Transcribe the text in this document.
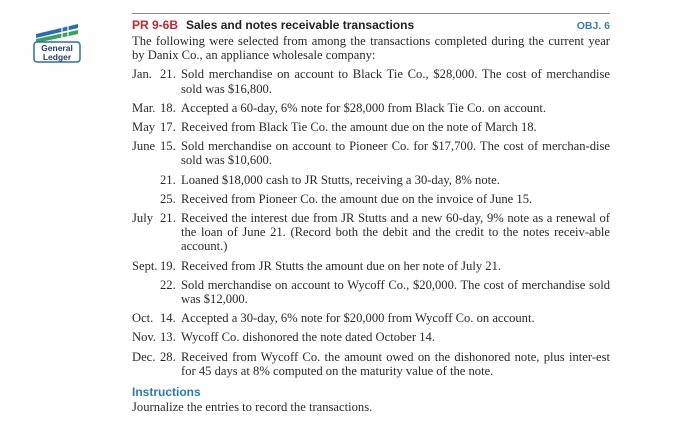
General
Ledger
PR 9-6B Sales and notes receivable transactions	OBJ. 6

The following were selected from among the transactions completed during the current year by Danix Co., an appliance wholesale company:

Jan. 21. Sold merchandise on account to Black Tie Co., $28,000. The cost of merchandise sold was $16,800.
Mar. 18. Accepted a 60-day, 6% note for $28,000 from Black Tie Co. on account.
May 17. Received from Black Tie Co. the amount due on the note of March 18.
June 15. Sold merchandise on account to Pioneer Co. for $17,700. The cost of merchan-dise sold was $10,600.
21. Loaned $18,000 cash to JR Stutts, receiving a 30-day, 8% note.
25. Received from Pioneer Co. the amount due on the invoice of June 15.
July 21. Received the interest due from JR Stutts and a new 60-day, 9% note as a renewal of the loan of June 21. (Record both the debit and the credit to the notes receiv-able account.)
Sept. 19. Received from JR Stutts the amount due on her note of July 21.
22. Sold merchandise on account to Wycoff Co., $20,000. The cost of merchandise sold was $12,000.
Oct. 14. Accepted a 30-day, 6% note for $20,000 from Wycoff Co. on account.
Nov. 13. Wycoff Co. dishonored the note dated October 14.
Dec. 28. Received from Wycoff Co. the amount owed on the dishonored note, plus inter-est for 45 days at 8% computed on the maturity value of the note.
Instructions
Journalize the entries to record the transactions.
